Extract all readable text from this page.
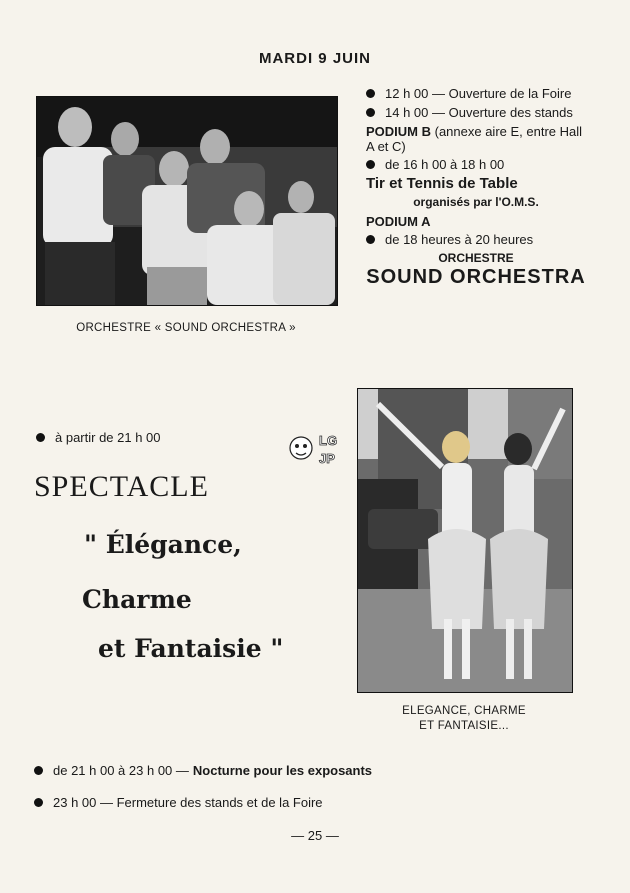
MARDI 9 JUIN
ORCHESTRE « SOUND ORCHESTRA »
12 h 00 — Ouverture de la Foire
14 h 00 — Ouverture des stands
PODIUM B (annexe aire E, entre Hall A et C)
de 16 h 00 à 18 h 00
Tir et Tennis de Table
organisés par l'O.M.S.
PODIUM A
de 18 heures à 20 heures
ORCHESTRE
SOUND ORCHESTRA
à partir de 21 h 00	LG
JP
SPECTACLE
" Élégance,
Charme
et Fantaisie "
ELEGANCE, CHARME
ET FANTAISIE...
de 21 h 00 à 23 h 00 — Nocturne pour les exposants
23 h 00 — Fermeture des stands et de la Foire
— 25 —
